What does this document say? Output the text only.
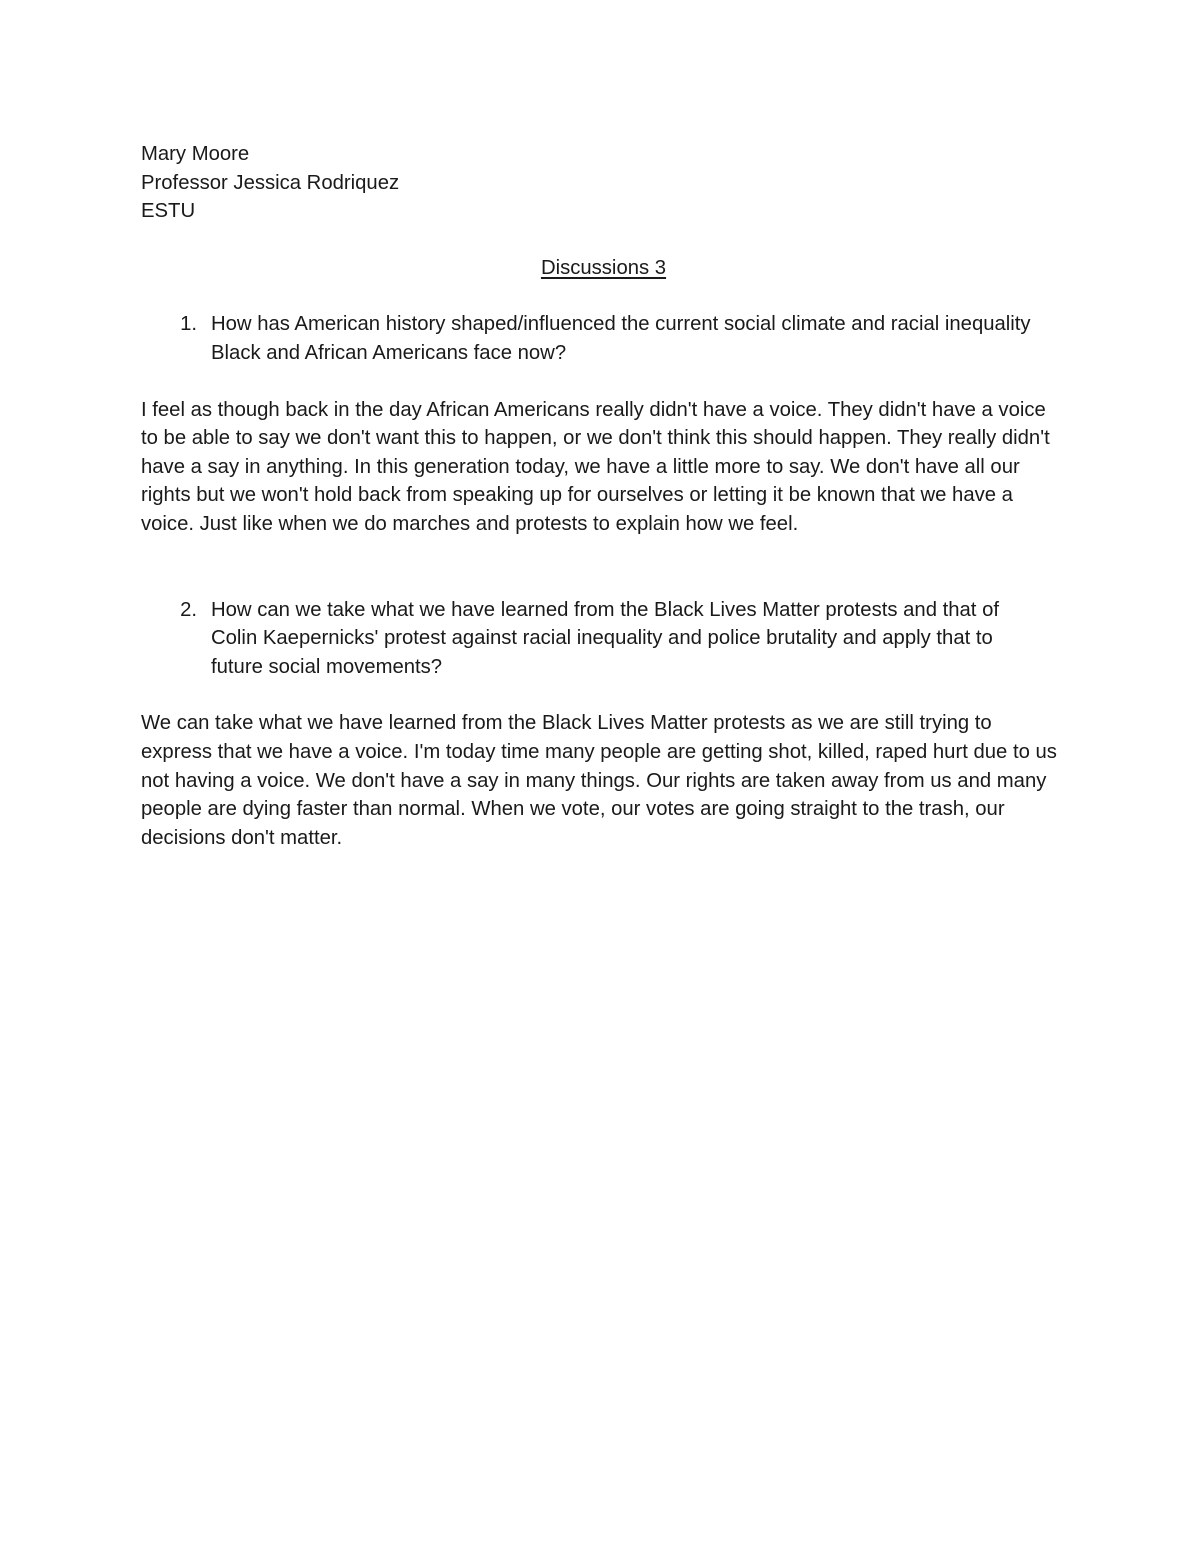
Mary Moore
Professor Jessica Rodriquez
ESTU
Discussions 3
1. How has American history shaped/influenced the current social climate and racial inequality Black and African Americans face now?

I feel as though back in the day African Americans really didn't have a voice. They didn't have a voice to be able to say we don't want this to happen, or we don't think this should happen. They really didn't have a say in anything. In this generation today, we have a little more to say. We don't have all our rights but we won't hold back from speaking up for ourselves or letting it be known that we have a voice. Just like when we do marches and protests to explain how we feel.

2. How can we take what we have learned from the Black Lives Matter protests and that of Colin Kaepernicks' protest against racial inequality and police brutality and apply that to future social movements?

We can take what we have learned from the Black Lives Matter protests as we are still trying to express that we have a voice. I'm today time many people are getting shot, killed, raped hurt due to us not having a voice. We don't have a say in many things. Our rights are taken away from us and many people are dying faster than normal. When we vote, our votes are going straight to the trash, our decisions don't matter.
